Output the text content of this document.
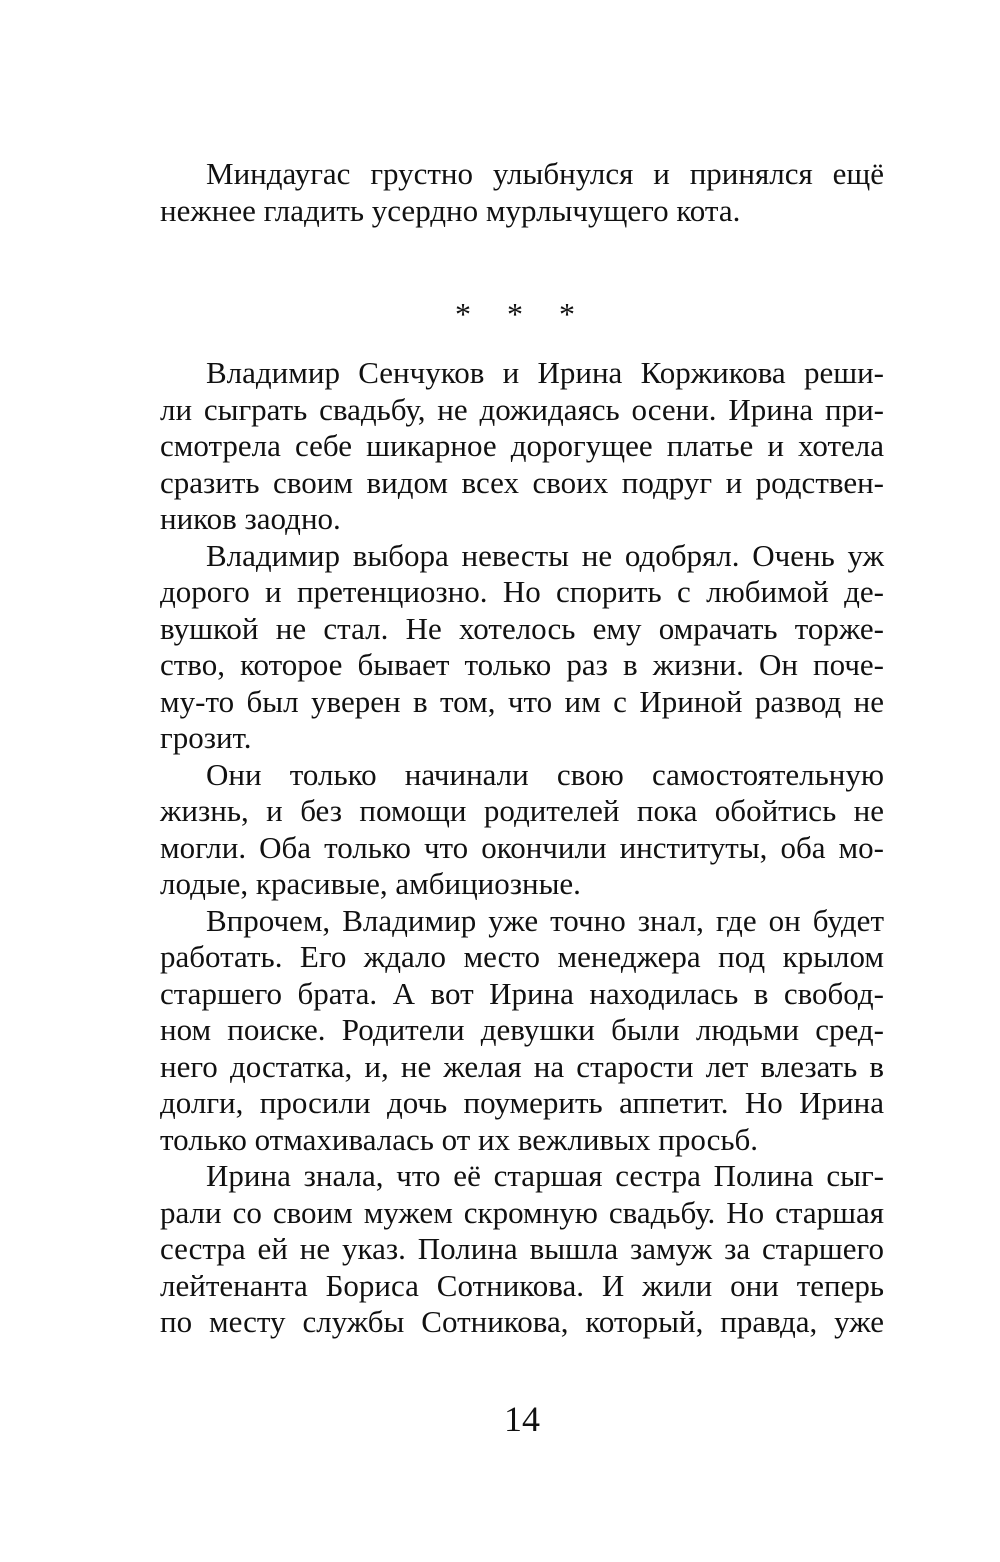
Миндаугас грустно улыбнулся и принялся ещё
нежнее гладить усердно мурлычущего кота.
* * *
Владимир Сенчуков и Ирина Коржикова реши-
ли сыграть свадьбу, не дожидаясь осени. Ирина при-
смотрела себе шикарное дорогущее платье и хотела
сразить своим видом всех своих подруг и родствен-
ников заодно.
Владимир выбора невесты не одобрял. Очень уж
дорого и претенциозно. Но спорить с любимой де-
вушкой не стал. Не хотелось ему омрачать торже-
ство, которое бывает только раз в жизни. Он поче-
му-то был уверен в том, что им с Ириной развод не
грозит.
Они только начинали свою самостоятельную
жизнь, и без помощи родителей пока обойтись не
могли. Оба только что окончили институты, оба мо-
лодые, красивые, амбициозные.
Впрочем, Владимир уже точно знал, где он будет
работать. Его ждало место менеджера под крылом
старшего брата. А вот Ирина находилась в свобод-
ном поиске. Родители девушки были людьми сред-
него достатка, и, не желая на старости лет влезать в
долги, просили дочь поумерить аппетит. Но Ирина
только отмахивалась от их вежливых просьб.
Ирина знала, что её старшая сестра Полина сыг-
рали со своим мужем скромную свадьбу. Но старшая
сестра ей не указ. Полина вышла замуж за старшего
лейтенанта Бориса Сотникова. И жили они теперь
по месту службы Сотникова, который, правда, уже
14
